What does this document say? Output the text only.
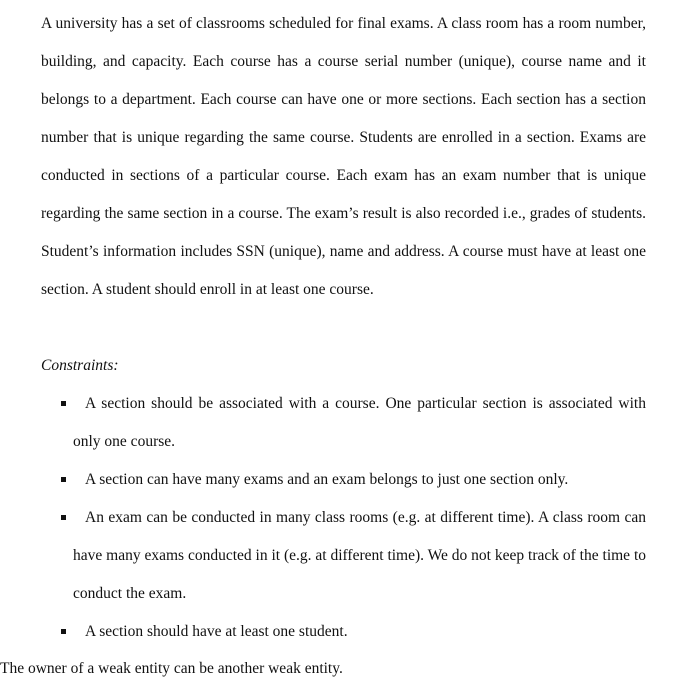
A university has a set of classrooms scheduled for final exams. A class room has a room number, building, and capacity. Each course has a course serial number (unique), course name and it belongs to a department. Each course can have one or more sections. Each section has a section number that is unique regarding the same course. Students are enrolled in a section. Exams are conducted in sections of a particular course. Each exam has an exam number that is unique regarding the same section in a course. The exam’s result is also recorded i.e., grades of students. Student’s information includes SSN (unique), name and address. A course must have at least one section. A student should enroll in at least one course.

Constraints:

A section should be associated with a course. One particular section is associated with only one course.
A section can have many exams and an exam belongs to just one section only.
An exam can be conducted in many class rooms (e.g. at different time). A class room can have many exams conducted in it (e.g. at different time). We do not keep track of the time to conduct the exam.
A section should have at least one student.

The owner of a weak entity can be another weak entity.
